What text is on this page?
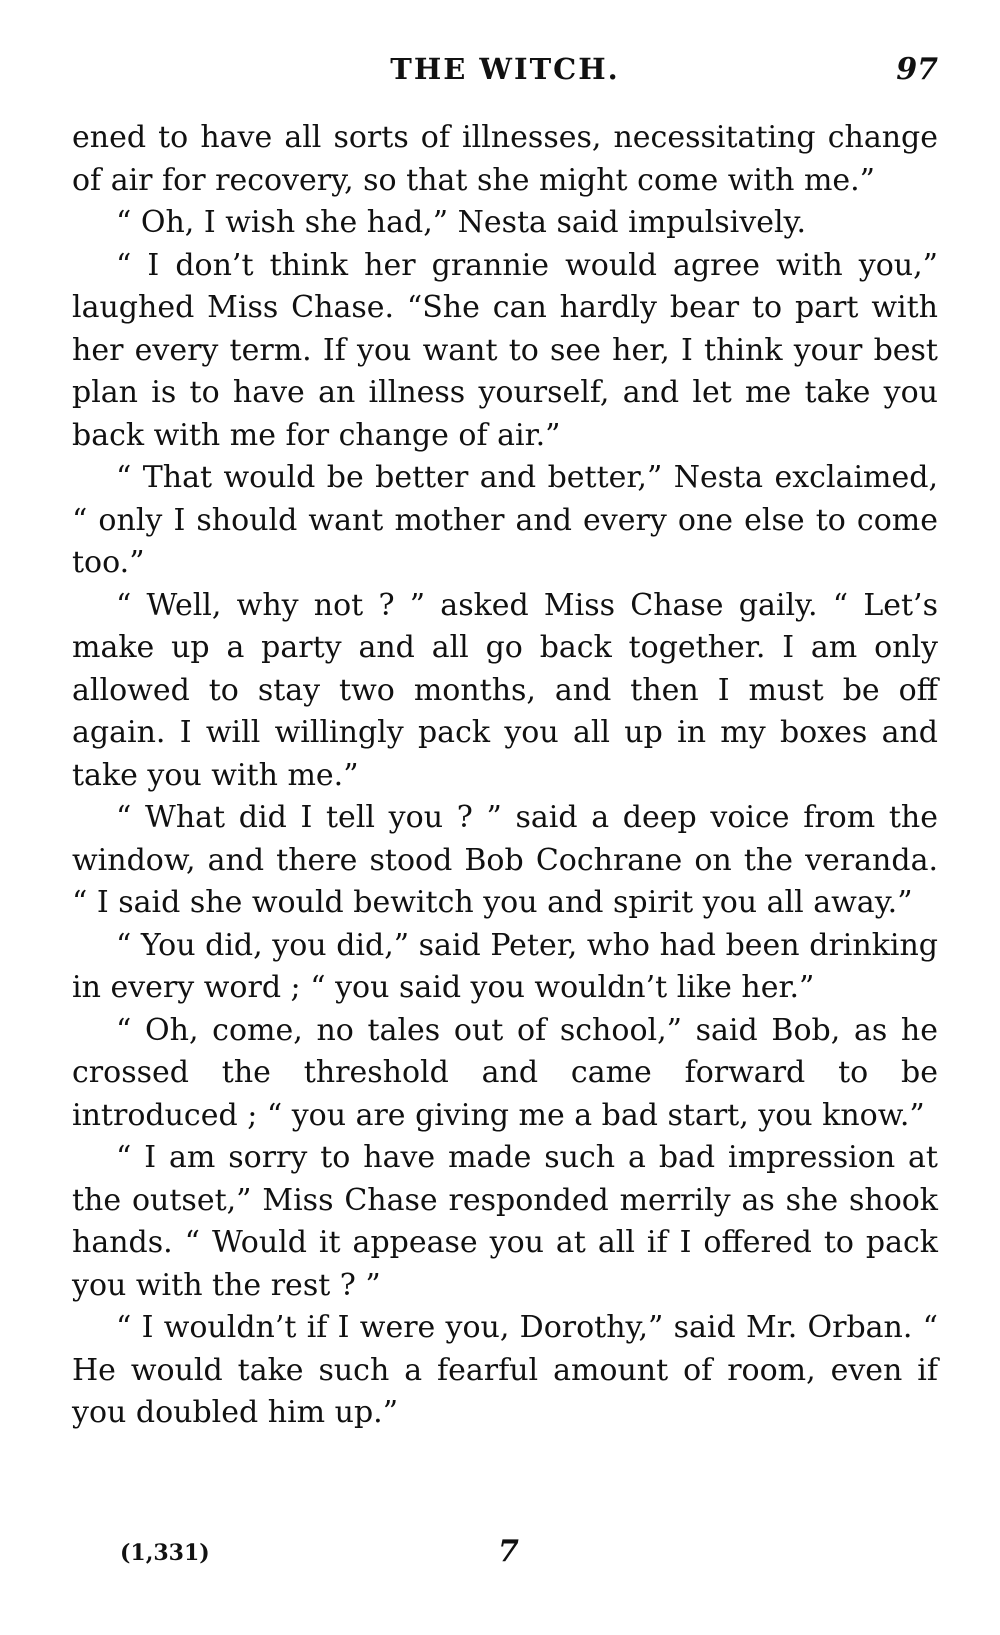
THE WITCH.	97

ened to have all sorts of illnesses, necessitating change of air for recovery, so that she might come with me.”

“ Oh, I wish she had,” Nesta said impulsively.

“ I don’t think her grannie would agree with you,” laughed Miss Chase. “She can hardly bear to part with her every term. If you want to see her, I think your best plan is to have an illness yourself, and let me take you back with me for change of air.”

“ That would be better and better,” Nesta exclaimed, “ only I should want mother and every one else to come too.”

“ Well, why not ? ” asked Miss Chase gaily. “ Let’s make up a party and all go back together. I am only allowed to stay two months, and then I must be off again. I will willingly pack you all up in my boxes and take you with me.”

“ What did I tell you ? ” said a deep voice from the window, and there stood Bob Cochrane on the veranda. “ I said she would bewitch you and spirit you all away.”

“ You did, you did,” said Peter, who had been drinking in every word ; “ you said you wouldn’t like her.”

“ Oh, come, no tales out of school,” said Bob, as he crossed the threshold and came forward to be introduced ; “ you are giving me a bad start, you know.”

“ I am sorry to have made such a bad impression at the outset,” Miss Chase responded merrily as she shook hands. “ Would it appease you at all if I offered to pack you with the rest ? ”

“ I wouldn’t if I were you, Dorothy,” said Mr. Orban. “ He would take such a fearful amount of room, even if you doubled him up.”

(1,331)	7
